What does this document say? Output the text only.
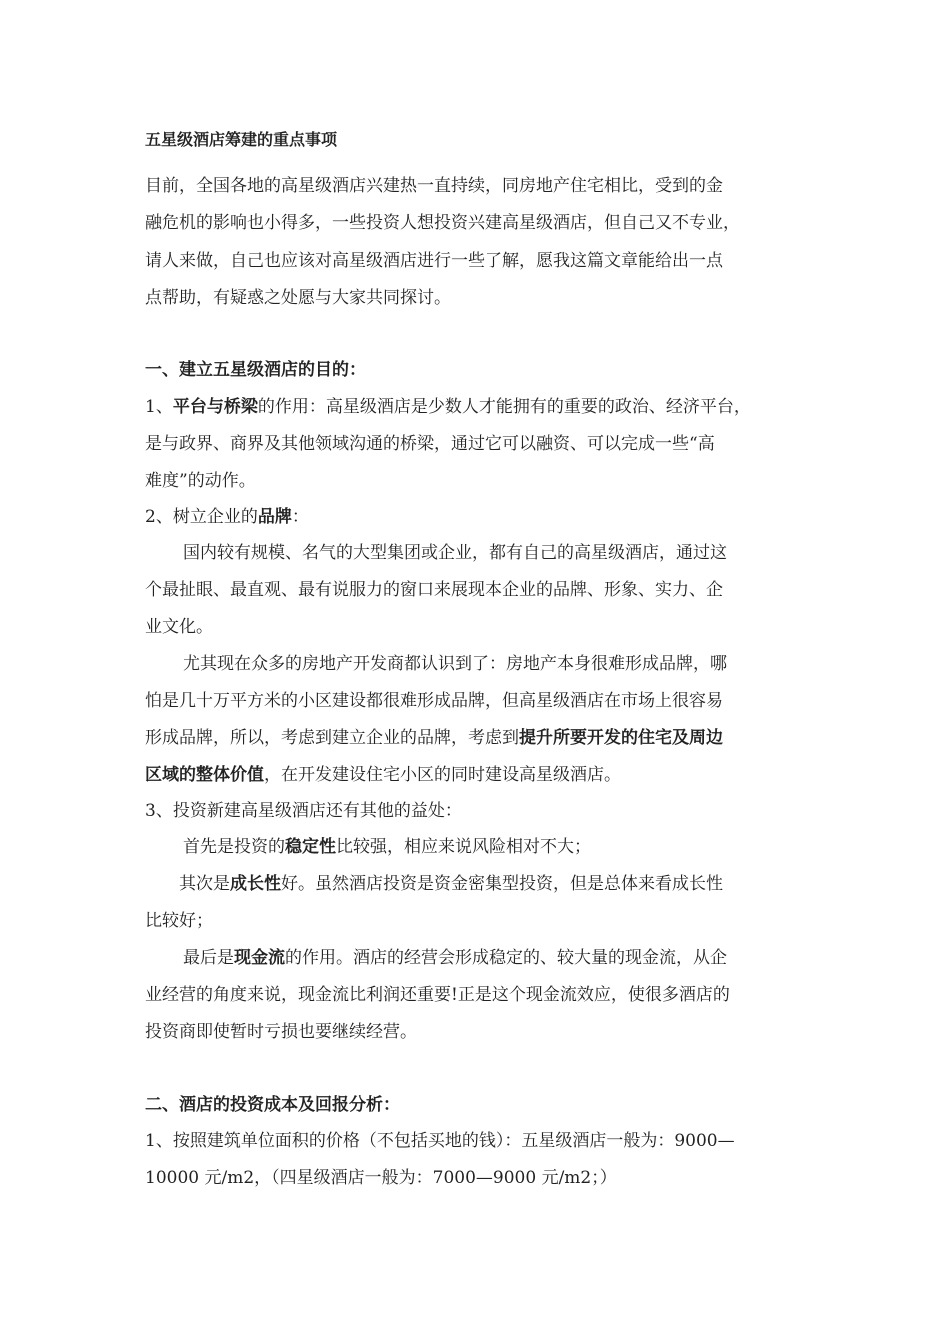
五星级酒店筹建的重点事项
目前，全国各地的高星级酒店兴建热一直持续，同房地产住宅相比，受到的金
融危机的影响也小得多，一些投资人想投资兴建高星级酒店，但自己又不专业，
请人来做，自己也应该对高星级酒店进行一些了解，愿我这篇文章能给出一点
点帮助，有疑惑之处愿与大家共同探讨。
一、建立五星级酒店的目的：
1、平台与桥梁的作用：高星级酒店是少数人才能拥有的重要的政治、经济平台，
是与政界、商界及其他领域沟通的桥梁，通过它可以融资、可以完成一些“高
难度”的动作。
2、树立企业的品牌：
国内较有规模、名气的大型集团或企业，都有自己的高星级酒店，通过这
个最扯眼、最直观、最有说服力的窗口来展现本企业的品牌、形象、实力、企
业文化。
尤其现在众多的房地产开发商都认识到了：房地产本身很难形成品牌，哪
怕是几十万平方米的小区建设都很难形成品牌，但高星级酒店在市场上很容易
形成品牌，所以，考虑到建立企业的品牌，考虑到提升所要开发的住宅及周边
区域的整体价值，在开发建设住宅小区的同时建设高星级酒店。
3、投资新建高星级酒店还有其他的益处：
首先是投资的稳定性比较强，相应来说风险相对不大；
其次是成长性好。虽然酒店投资是资金密集型投资，但是总体来看成长性
比较好；
最后是现金流的作用。酒店的经营会形成稳定的、较大量的现金流，从企
业经营的角度来说，现金流比利润还重要!正是这个现金流效应，使很多酒店的
投资商即使暂时亏损也要继续经营。
二、酒店的投资成本及回报分析：
1、按照建筑单位面积的价格（不包括买地的钱）：五星级酒店一般为：9000—
10000 元/m2，（四星级酒店一般为：7000—9000 元/m2；）
